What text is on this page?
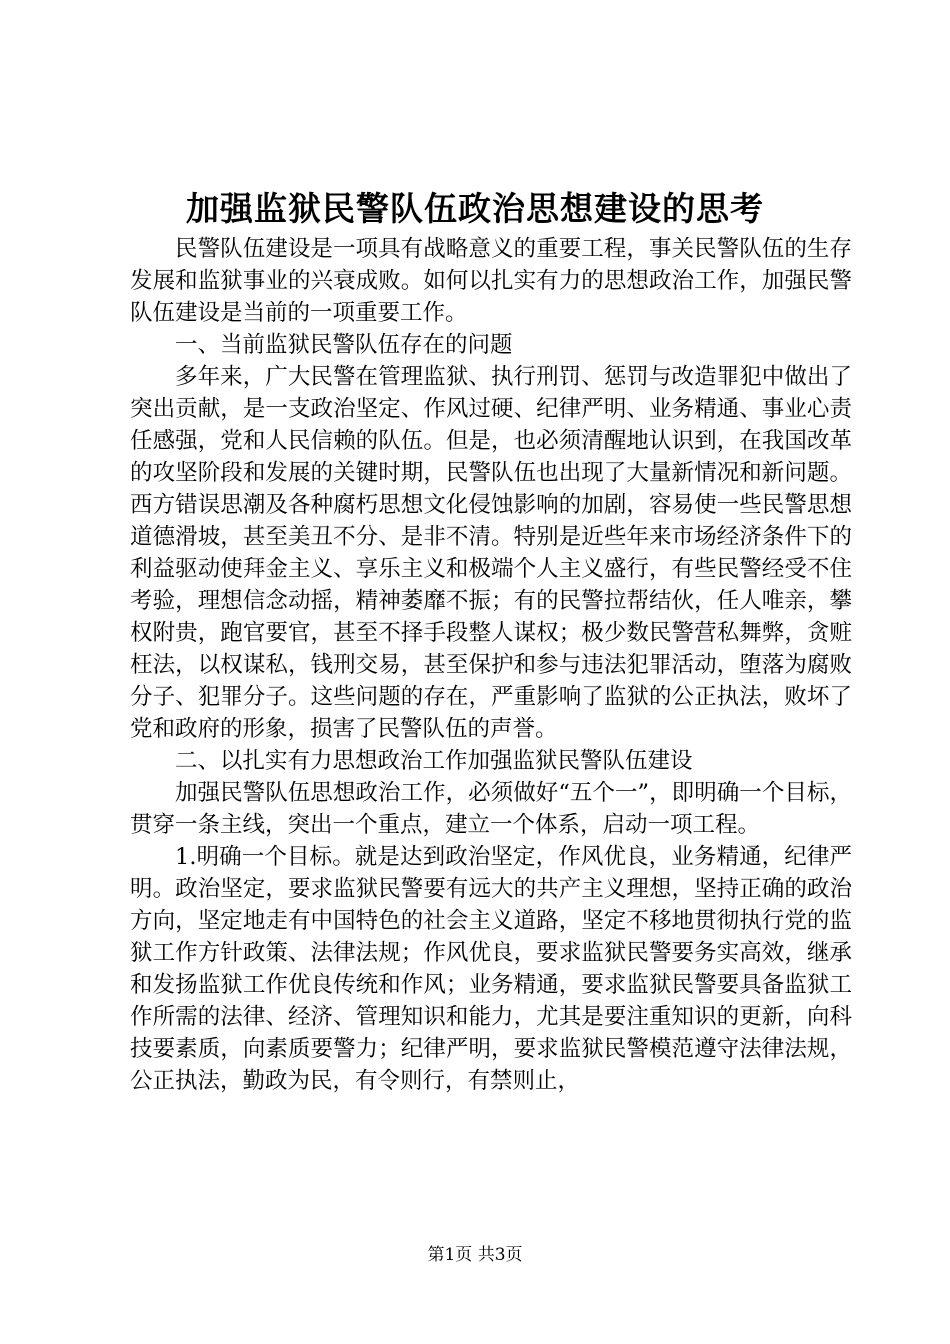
加强监狱民警队伍政治思想建设的思考

民警队伍建设是一项具有战略意义的重要工程，事关民警队伍的生存发展和监狱事业的兴衰成败。如何以扎实有力的思想政治工作，加强民警队伍建设是当前的一项重要工作。

一、当前监狱民警队伍存在的问题

多年来，广大民警在管理监狱、执行刑罚、惩罚与改造罪犯中做出了突出贡献，是一支政治坚定、作风过硬、纪律严明、业务精通、事业心责任感强，党和人民信赖的队伍。但是，也必须清醒地认识到，在我国改革的攻坚阶段和发展的关键时期，民警队伍也出现了大量新情况和新问题。西方错误思潮及各种腐朽思想文化侵蚀影响的加剧，容易使一些民警思想道德滑坡，甚至美丑不分、是非不清。特别是近些年来市场经济条件下的利益驱动使拜金主义、享乐主义和极端个人主义盛行，有些民警经受不住考验，理想信念动摇，精神萎靡不振；有的民警拉帮结伙，任人唯亲，攀权附贵，跑官要官，甚至不择手段整人谋权；极少数民警营私舞弊，贪赃枉法，以权谋私，钱刑交易，甚至保护和参与违法犯罪活动，堕落为腐败分子、犯罪分子。这些问题的存在，严重影响了监狱的公正执法，败坏了党和政府的形象，损害了民警队伍的声誉。

二、以扎实有力思想政治工作加强监狱民警队伍建设

加强民警队伍思想政治工作，必须做好“五个一”，即明确一个目标，贯穿一条主线，突出一个重点，建立一个体系，启动一项工程。

1.明确一个目标。就是达到政治坚定，作风优良，业务精通，纪律严明。政治坚定，要求监狱民警要有远大的共产主义理想，坚持正确的政治方向，坚定地走有中国特色的社会主义道路，坚定不移地贯彻执行党的监狱工作方针政策、法律法规；作风优良，要求监狱民警要务实高效，继承和发扬监狱工作优良传统和作风；业务精通，要求监狱民警要具备监狱工作所需的法律、经济、管理知识和能力，尤其是要注重知识的更新，向科技要素质，向素质要警力；纪律严明，要求监狱民警模范遵守法律法规，公正执法，勤政为民，有令则行，有禁则止，

第1页 共3页
